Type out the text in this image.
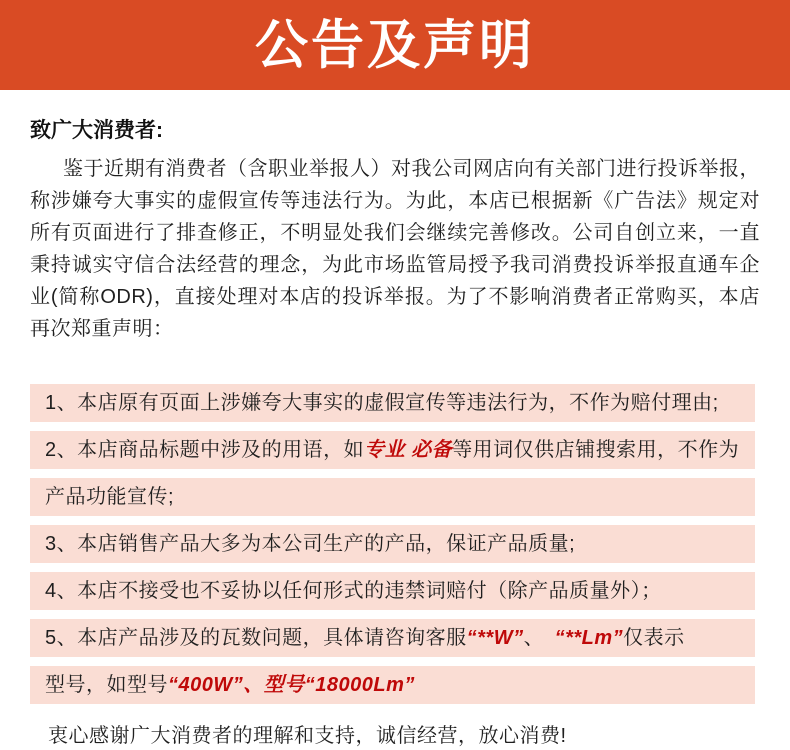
公告及声明
致广大消费者:
鉴于近期有消费者（含职业举报人）对我公司网店向有关部门进行投诉举报，称涉嫌夸大事实的虚假宣传等违法行为。为此，本店已根据新《广告法》规定对所有页面进行了排查修正，不明显处我们会继续完善修改。公司自创立来，一直秉持诚实守信合法经营的理念，为此市场监管局授予我司消费投诉举报直通车企业(简称ODR)，直接处理对本店的投诉举报。为了不影响消费者正常购买，本店再次郑重声明：
1、本店原有页面上涉嫌夸大事实的虚假宣传等违法行为，不作为赔付理由;
2、本店商品标题中涉及的用语，如专业 必备等用词仅供店铺搜索用，不作为
产品功能宣传;
3、本店销售产品大多为本公司生产的产品，保证产品质量;
4、本店不接受也不妥协以任何形式的违禁词赔付（除产品质量外）；
5、本店产品涉及的瓦数问题，具体请咨询客服“**W”、　“**Lm”仅表示
型号，如型号“400W”、型号“18000Lm”
衷心感谢广大消费者的理解和支持，诚信经营，放心消费!
